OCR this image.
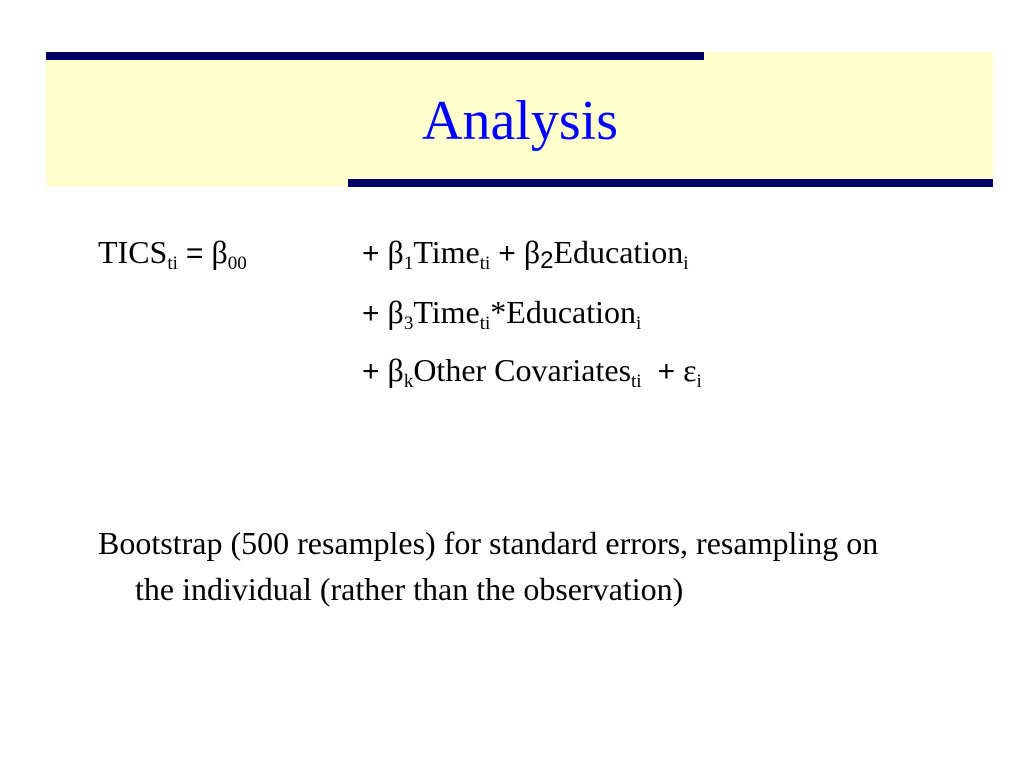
Analysis
$TICS_{ti} = \beta_{00}$	+ $\beta_1Time_{ti}$ + $\beta_2Education_i$
+ $\beta_3Time_{ti}*Education_i$
+ $\beta_kOther$ Covariates$_{ti}$ + $\varepsilon_i$
Bootstrap (500 resamples) for standard errors, resampling on the individual (rather than the observation)
